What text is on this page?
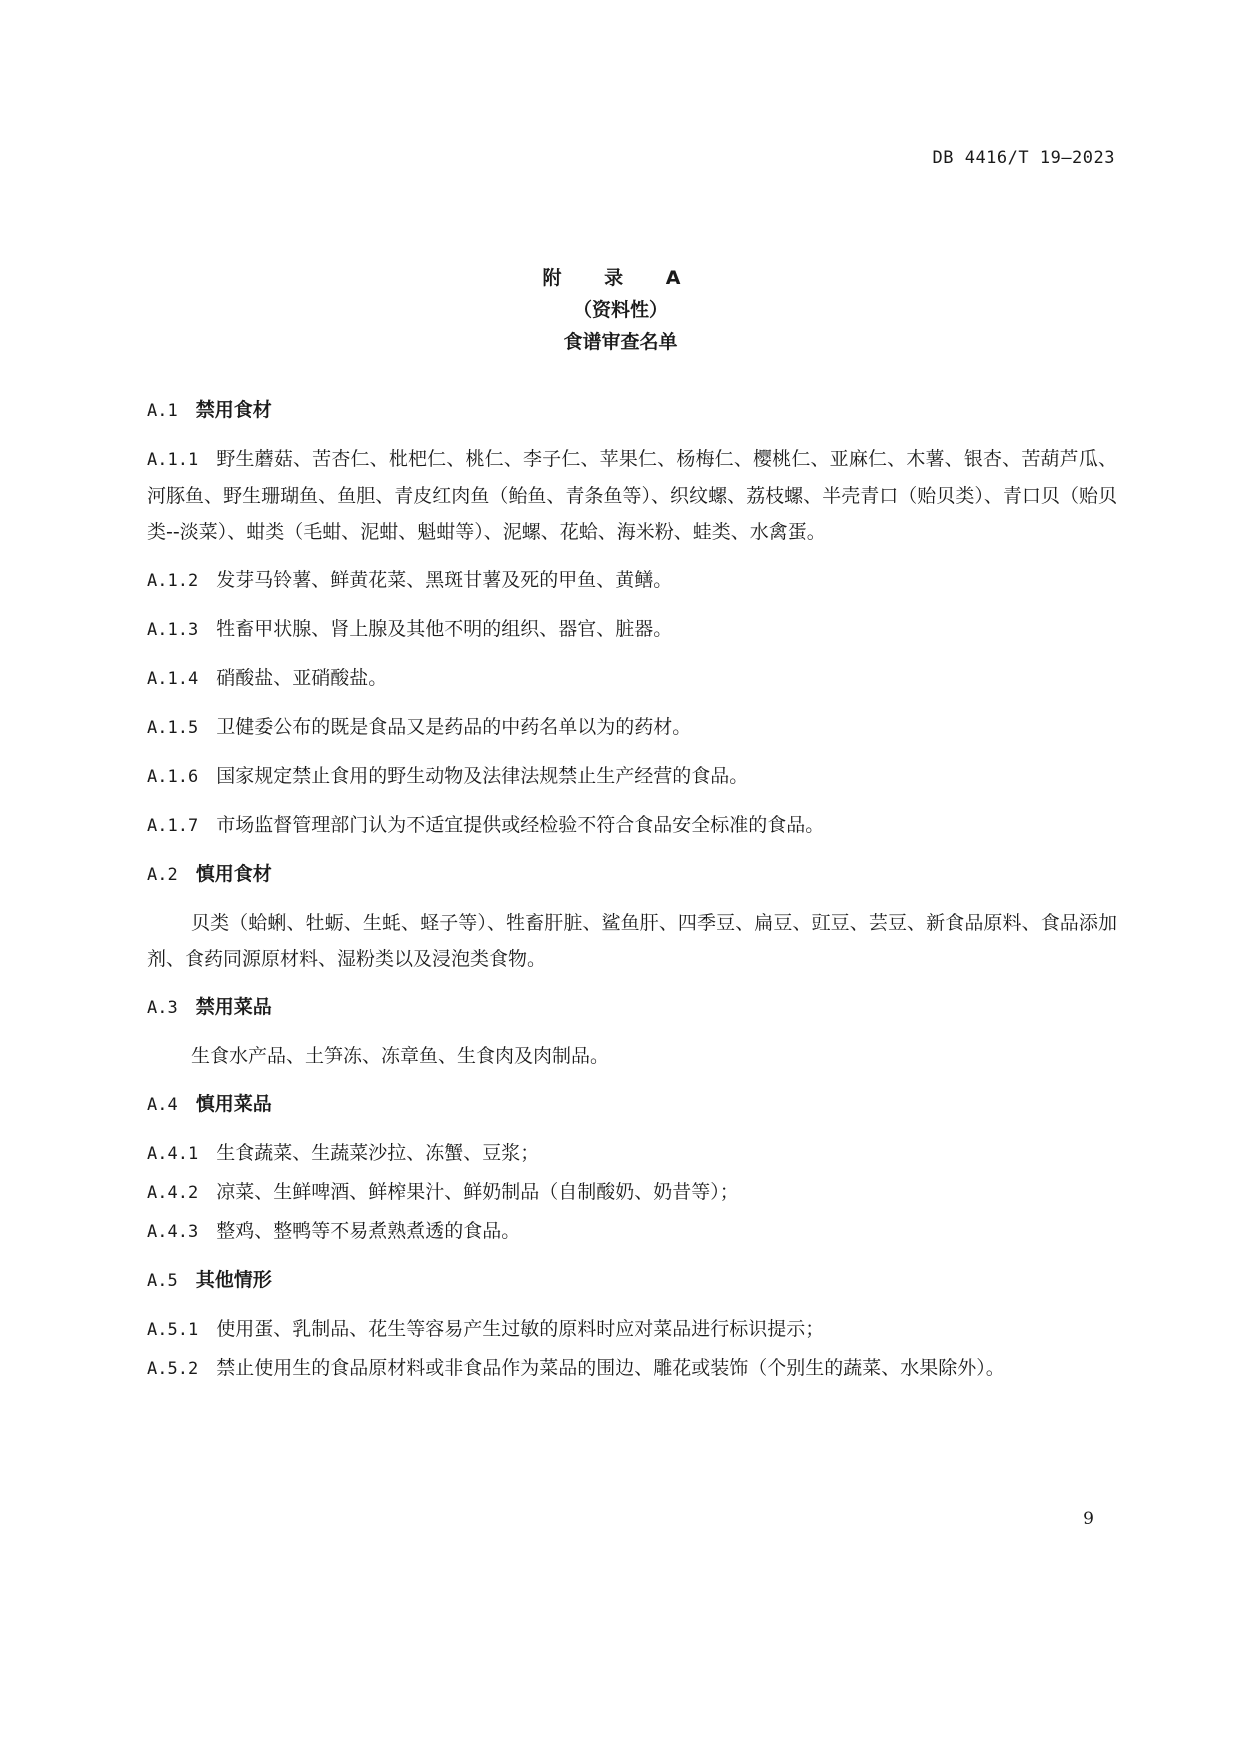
DB 4416/T 19—2023
附 录 A
（资料性）
食谱审查名单
A.1 禁用食材
A.1.1 野生蘑菇、苦杏仁、枇杷仁、桃仁、李子仁、苹果仁、杨梅仁、樱桃仁、亚麻仁、木薯、银杏、苦葫芦瓜、河豚鱼、野生珊瑚鱼、鱼胆、青皮红肉鱼（鲐鱼、青条鱼等）、织纹螺、荔枝螺、半壳青口（贻贝类）、青口贝（贻贝类--淡菜）、蚶类（毛蚶、泥蚶、魁蚶等）、泥螺、花蛤、海米粉、蛙类、水禽蛋。
A.1.2 发芽马铃薯、鲜黄花菜、黑斑甘薯及死的甲鱼、黄鳝。
A.1.3 牲畜甲状腺、肾上腺及其他不明的组织、器官、脏器。
A.1.4 硝酸盐、亚硝酸盐。
A.1.5 卫健委公布的既是食品又是药品的中药名单以为的药材。
A.1.6 国家规定禁止食用的野生动物及法律法规禁止生产经营的食品。
A.1.7 市场监督管理部门认为不适宜提供或经检验不符合食品安全标准的食品。
A.2 慎用食材
贝类（蛤蜊、牡蛎、生蚝、蛏子等）、牲畜肝脏、鲨鱼肝、四季豆、扁豆、豇豆、芸豆、新食品原料、食品添加剂、食药同源原材料、湿粉类以及浸泡类食物。
A.3 禁用菜品
生食水产品、土笋冻、冻章鱼、生食肉及肉制品。
A.4 慎用菜品
A.4.1 生食蔬菜、生蔬菜沙拉、冻蟹、豆浆；
A.4.2 凉菜、生鲜啤酒、鲜榨果汁、鲜奶制品（自制酸奶、奶昔等）；
A.4.3 整鸡、整鸭等不易煮熟煮透的食品。
A.5 其他情形
A.5.1 使用蛋、乳制品、花生等容易产生过敏的原料时应对菜品进行标识提示；
A.5.2 禁止使用生的食品原材料或非食品作为菜品的围边、雕花或装饰（个别生的蔬菜、水果除外）。
9
